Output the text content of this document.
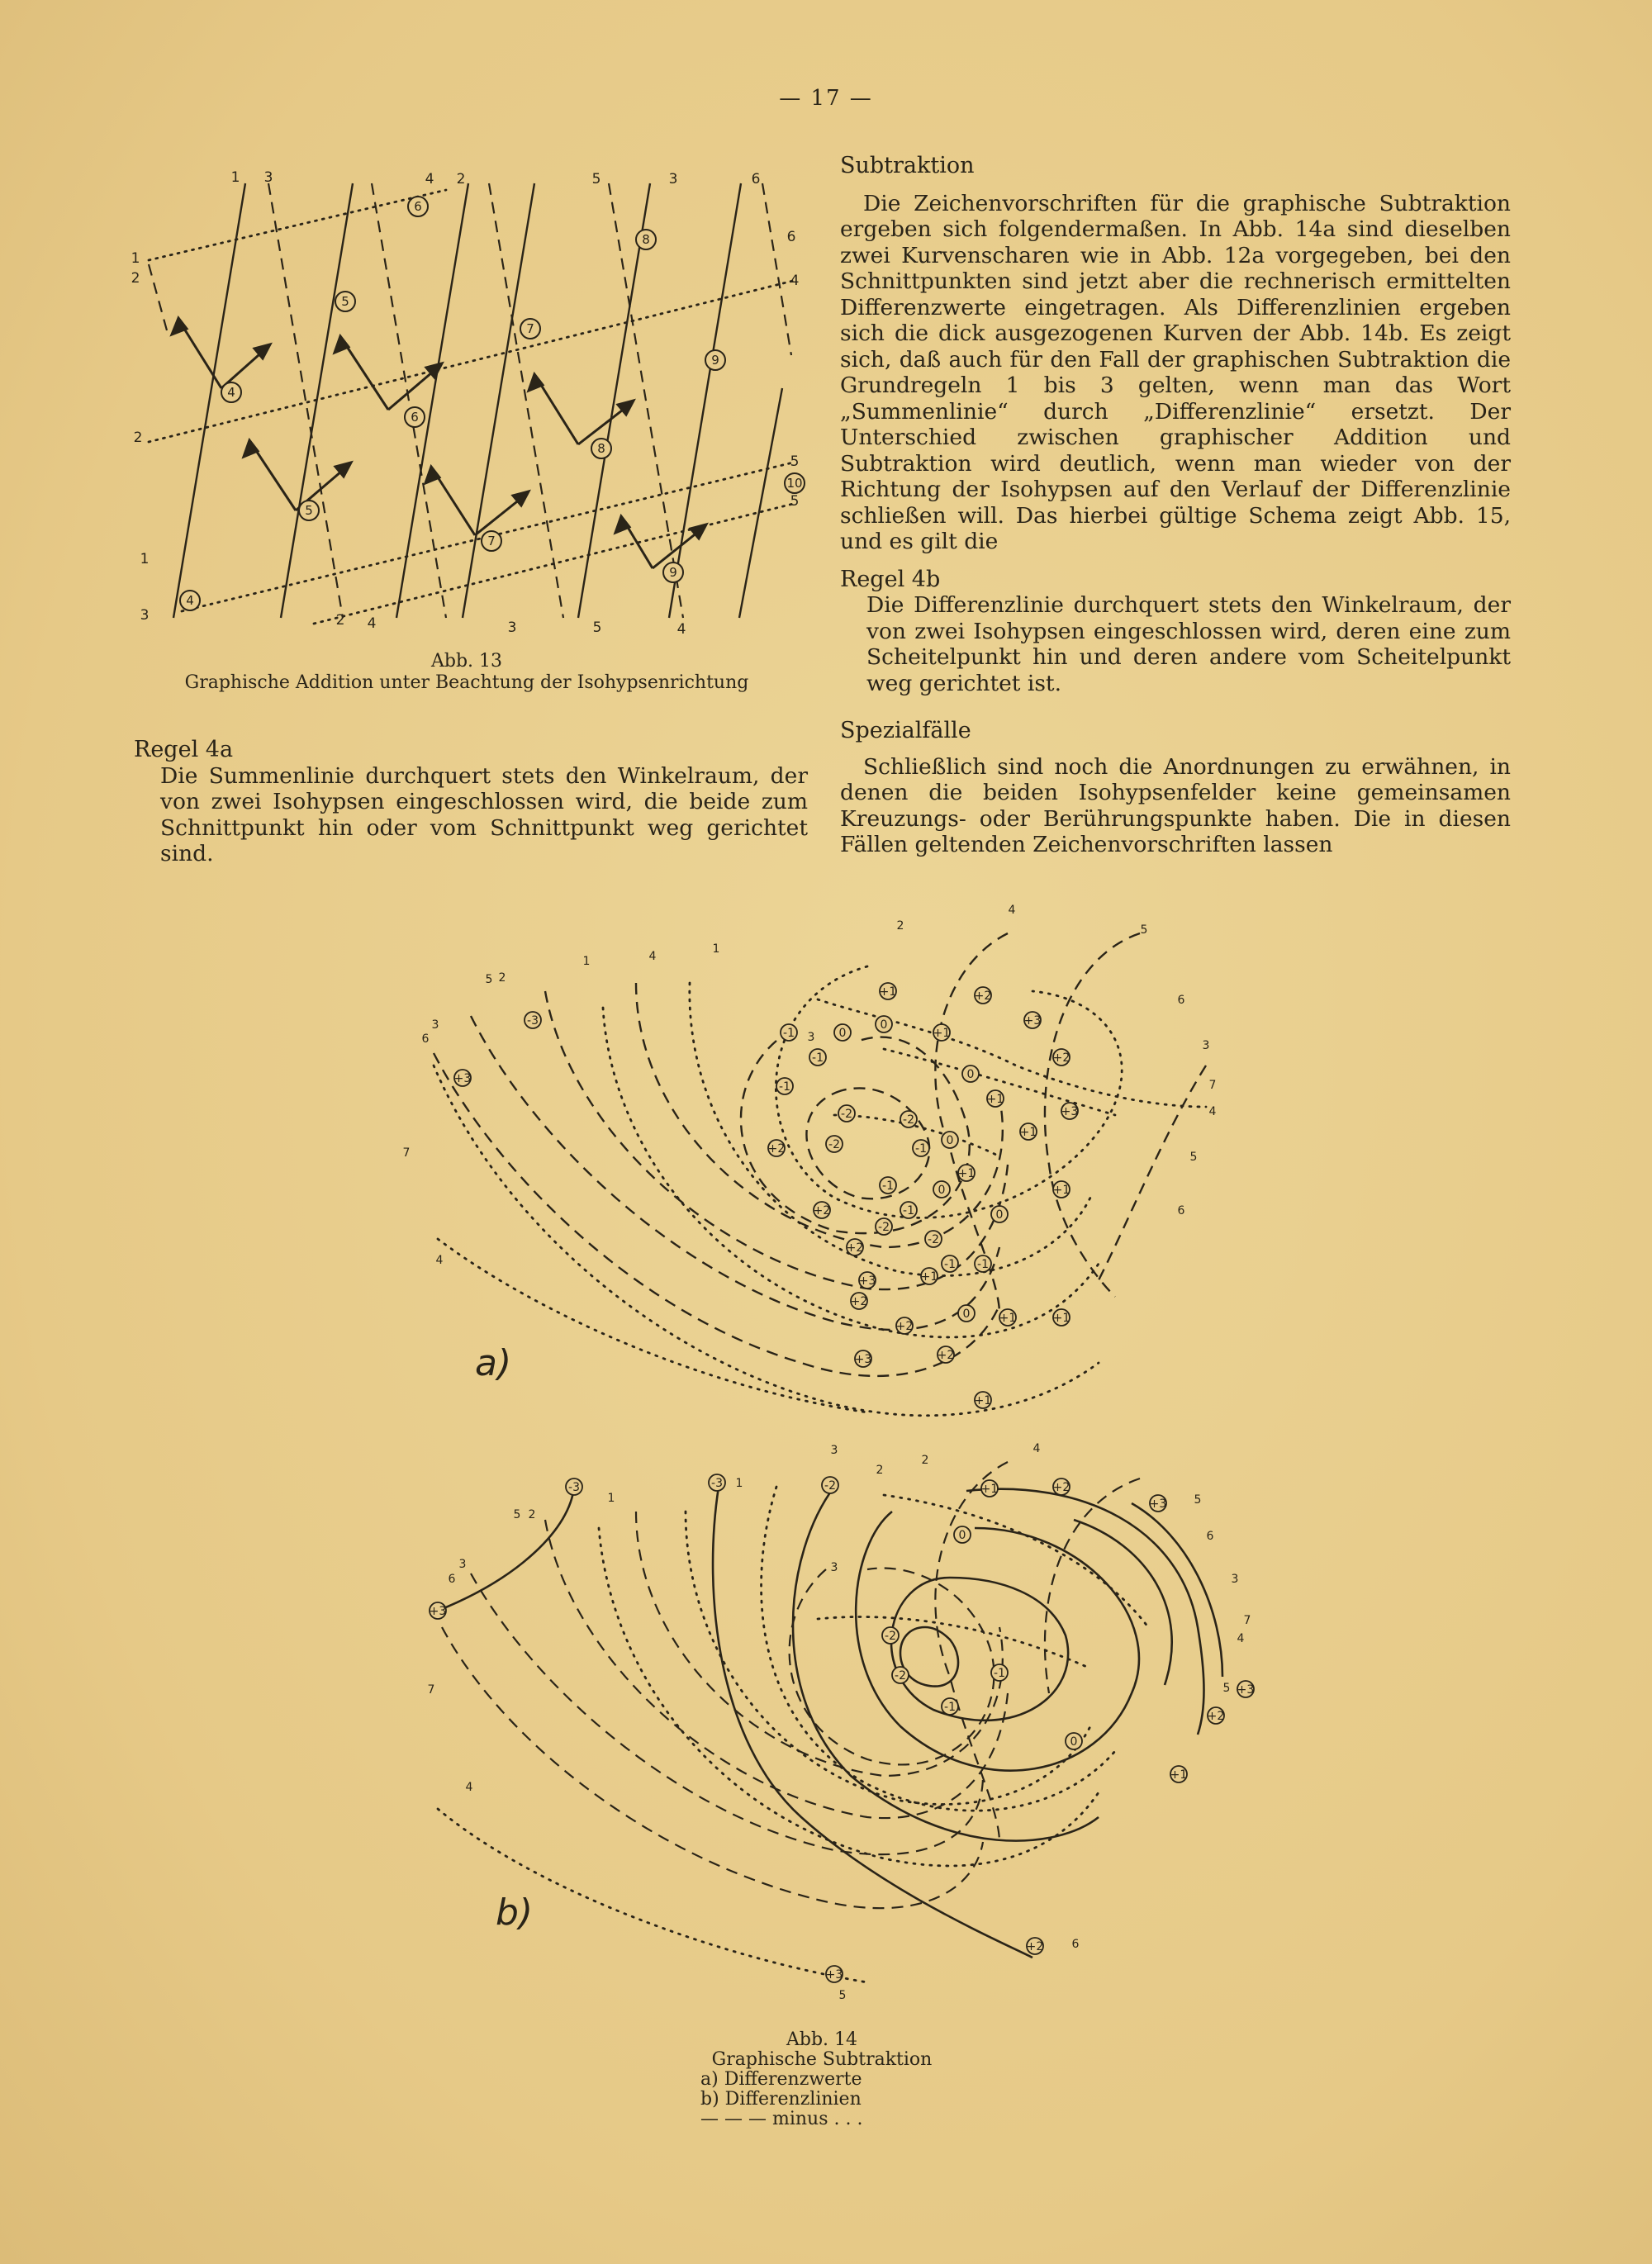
— 17 —
6
8
5
7
9
4
6
8
10
5
7
9
4
1 3	4 2	5	3	6
3	2 4	3	5	4
1
2
2
1
6
4
5
5
Abb. 13
Graphische Addition unter Beachtung der Isohypsenrichtung
Regel 4a

Die Summenlinie durchquert stets den Winkelraum, der von zwei Isohypsen eingeschlossen wird, die beide zum Schnittpunkt hin oder vom Schnittpunkt weg gerichtet sind.

Subtraktion

Die Zeichenvorschriften für die graphische Subtraktion ergeben sich folgendermaßen. In Abb. 14a sind dieselben zwei Kurvenscharen wie in Abb. 12a vorgegeben, bei den Schnittpunkten sind jetzt aber die rechnerisch ermittelten Differenzwerte eingetragen. Als Differenzlinien ergeben sich die dick ausgezogenen Kurven der Abb. 14b. Es zeigt sich, daß auch für den Fall der graphischen Subtraktion die Grundregeln 1 bis 3 gelten, wenn man das Wort „Summenlinie“ durch „Differenzlinie“ ersetzt. Der Unterschied zwischen graphischer Addition und Subtraktion wird deutlich, wenn man wieder von der Richtung der Isohypsen auf den Verlauf der Differenzlinie schließen will. Das hierbei gültige Schema zeigt Abb. 15, und es gilt die

Regel 4b

Die Differenzlinie durchquert stets den Winkelraum, der von zwei Isohypsen eingeschlossen wird, deren eine zum Scheitelpunkt hin und deren andere vom Scheitelpunkt weg gerichtet ist.

Spezialfälle

Schließlich sind noch die Anordnungen zu erwähnen, in denen die beiden Isohypsenfelder keine gemeinsamen Kreuzungs- oder Berührungspunkte haben. Die in diesen Fällen geltenden Zeichenvorschriften lassen

-3
+3
0
+1	+2
-1
-1
0
+1
+3
+2
-1
-2	-2
0
+1
+3
+2	-2
-1
-1
0
+1
+2
+2
-1
0
+1
+3	+1
0
+1
-2
-2
-1 -1
+2
+2
0	+1	+1
+3	+2
+1
5 2
3
6
1	4
1
2
4
5
6
3
7
4
5
6
7
4
3
a)
-3
+3
-3	-2	+1	+2
+3
0
-1
-2
-2
-1
0
+3
+2
+1
+2
+3
5 2
3
6
1
1
2
4
5
6
3
7
4
5
3
7
4
6
5
2
3
b)
Abb. 14
Graphische Subtraktion
a) Differenzwerte
b) Differenzlinien
— — — minus . . .
